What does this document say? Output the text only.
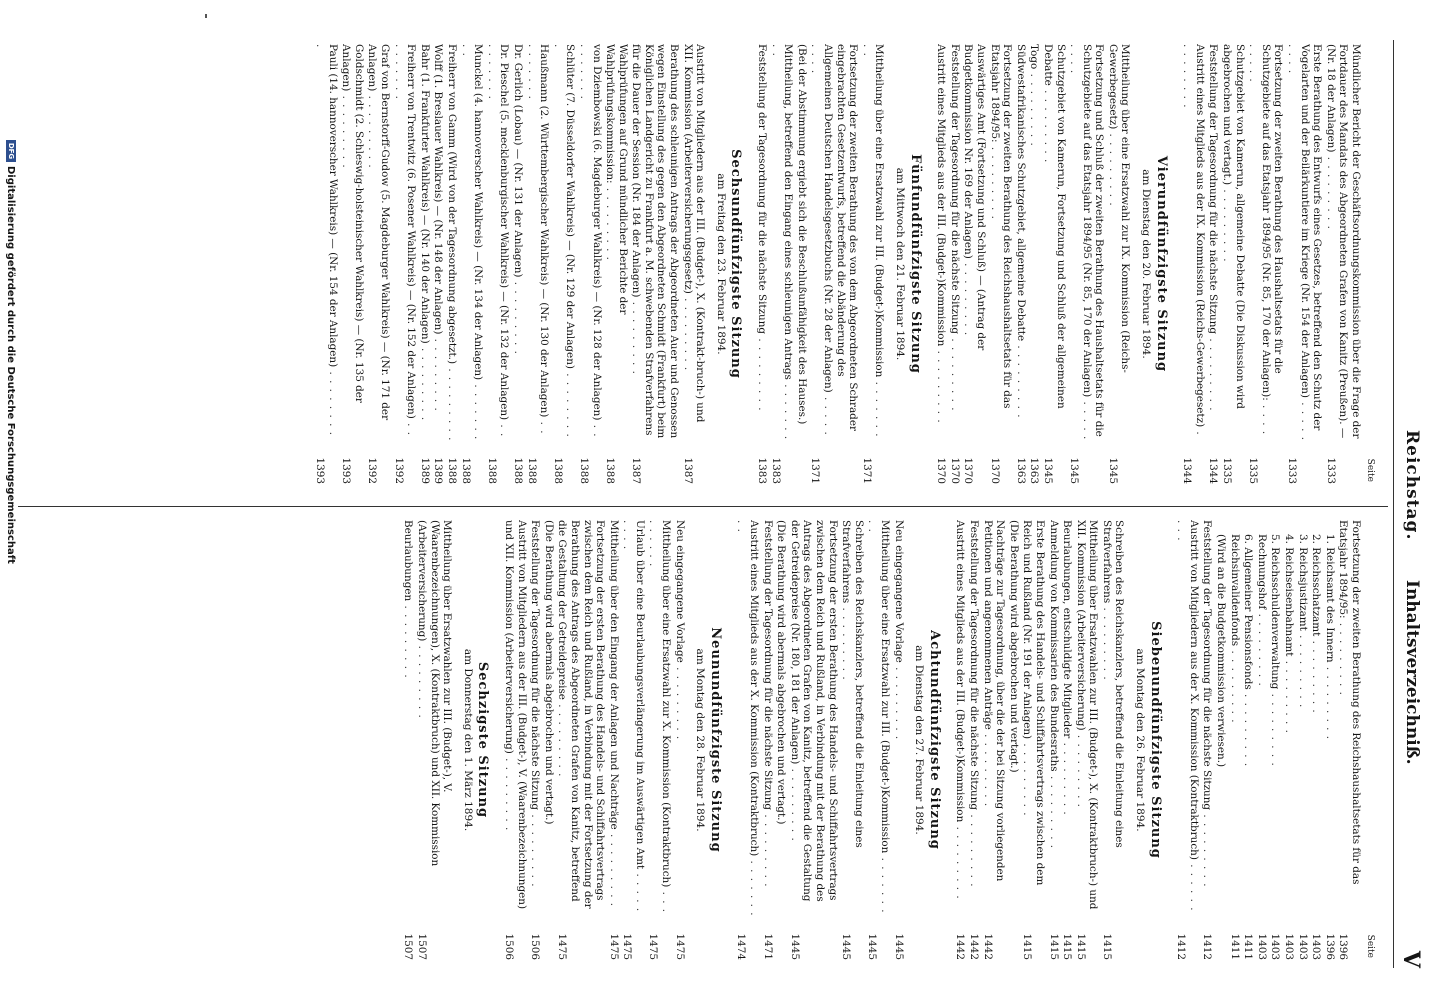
Reichstag.
Inhaltsverzeichniß.
V
Seite
Mündlicher Bericht der Geschäftsordnungskommission über die Frage der Fortdauer des Mandats des Abgeordneten Grafen von Kanitz (Preußen). — (Nr. 18 der Anlagen) . . .
1333
Erste Berathung des Entwurfs eines Gesetzes, betreffend den Schutz der Vogelarten und der Beilärkuntiere im Kriege (Nr. 154 der Anlagen) . . .
1333
Fortsetzung der zweiten Berathung des Haushaltsetats für die Schutzgebiete auf das Etatsjahr 1894/95 (Nr. 85, 170 der Anlagen): . . .
1335
Schutzgebiet von Kamerun, allgemeine Debatte (Die Diskussion wird abgebrochen und vertagt.) . . .
1335
Feststellung der Tagesordnung für die nächste Sitzung . . .
1344
Austritt eines Mitglieds aus der IX. Kommission (Reichs-Gewerbegesetz) . . .
1344
Vierundfünfzigste Sitzung
am Dienstag den 20. Februar 1894.
Mittheilung über eine Ersatzwahl zur IX. Kommission (Reichs-Gewerbegesetz) . . .
1345
Fortsetzung und Schluß der zweiten Berathung des Haushaltsetats für die Schutzgebiete auf das Etatsjahr 1894/95 (Nr. 85, 170 der Anlagen) . . .
1345
Schutzgebiet von Kamerun, Fortsetzung und Schluß der allgemeinen Debatte . . .
1345
Togo . . .
1363
Südwestafrikanisches Schutzgebiet, allgemeine Debatte . . .
1363
Fortsetzung der zweiten Berathung des Reichshaushaltsetats für das Etatsjahr 1894/95: . . .
1370
Auswärtiges Amt (Fortsetzung und Schluß) — (Antrag der Budgetkommission Nr. 169 der Anlagen) . . .
1370
Feststellung der Tagesordnung für die nächste Sitzung . . .
1370
Austritt eines Mitglieds aus der III. (Budget-)Kommission . . .
1370
Fünfundfünfzigste Sitzung
am Mittwoch den 21. Februar 1894.
Mittheilung über eine Ersatzwahl zur III. (Budget-)Kommission . . .
1371
Fortsetzung der zweiten Berathung des von dem Abgeordneten Schrader eingebrachten Gesetzentwurfs, betreffend die Abänderung des Allgemeinen Deutschen Handelsgesetzbuchs (Nr. 28 der Anlagen) . . .
1371
(Bei der Abstimmung ergiebt sich die Beschlußunfähigkeit des Hauses.)
Mittheilung, betreffend den Eingang eines schleunigen Antrags . . .
1383
Feststellung der Tagesordnung für die nächste Sitzung . . .
1383
Sechsundfünfzigste Sitzung
am Freitag den 23. Februar 1894.
Austritt von Mitgliedern aus der III. (Budget-), X. (Kontrakt-bruch-) und XII. Kommission (Arbeiterversicherungsgesetz) . . .
1387
Berathung des schleunigen Antrags der Abgeordneten Auer und Genossen wegen Einstellung des gegen den Abgeordneten Schmidt (Frankfurt) beim Königlichen Landgericht zu Frankfurt a. M. schwebenden Strafverfahrens für die Dauer der Session (Nr. 184 der Anlagen) . . .
1387
Wahlprüfungen auf Grund mündlicher Berichte der Wahlprüfungskommission: . . .
1388
von Dziembowski (6. Magdeburger Wahlkreis) — (Nr. 128 der Anlagen) . . .
1388
Schlüter (7. Düsseldorfer Wahlkreis) — (Nr. 129 der Anlagen) . . .
1388
Haußmann (2. Württembergischer Wahlkreis) — (Nr. 130 der Anlagen) . . .
1388
Dr. Gerlich (Lobau) — (Nr. 131 der Anlagen) . . .
1388
Dr. Pieschel (5. mecklenburgischer Wahlkreis) — (Nr. 132 der Anlagen) . . .
1388
Munckel (4. hannoverscher Wahlkreis) — (Nr. 134 der Anlagen) . . .
1388
Freiherr von Gamm (Wird von der Tagesordnung abgesetzt.) . . .
1388
Wolff (1. Breslauer Wahlkreis) — (Nr. 148 der Anlagen) . . .
1389
Bahr (1. Frankfurter Wahlkreis) — (Nr. 140 der Anlagen) . . .
1389
Freiherr von Trentwitz (6. Posener Wahlkreis) — (Nr. 152 der Anlagen) . . .
1392
Graf von Bernstorff-Gudow (5. Magdeburger Wahlkreis) — (Nr. 171 der Anlagen) . . .
1392
Goldschmidt (2. Schleswig-holsteinischer Wahlkreis) — (Nr. 135 der Anlagen) . . .
1393
Pauli (14. hannoverscher Wahlkreis) — (Nr. 154 der Anlagen) . . .
1393
Seite
Fortsetzung der zweiten Berathung des Reichshaushaltsetats für das Etatsjahr 1894/95: . . .
1396
1. Reichsamt des Innern . . .
1396
2. Reichsschatzamt . . .
1403
3. Reichsjustizamt . . .
1403
4. Reichseisenbahnamt . . .
1403
5. Reichsschuldenverwaltung . . .
1403
Rechnungshof . . .
1403
6. Allgemeiner Pensionsfonds . . .
1411
Reichsinvalidenfonds . . .
1411
(Wird an die Budgetkommission verwiesen.)
Feststellung der Tagesordnung für die nächste Sitzung . . .
1412
Austritt von Mitgliedern aus der X. Kommission (Kontraktbruch) . . .
1412
Siebenundfünfzigste Sitzung
am Montag den 26. Februar 1894.
Schreiben des Reichskanzlers, betreffend die Einleitung eines Strafverfahrens . . .
1415
Mittheilung über Ersatzwahlen zur III. (Budget-), X. (Kontraktbruch-) und XII. Kommission (Arbeiterversicherung) . . .
1415
Beurlaubungen, entschuldigte Mitglieder . . .
1415
Anmeldung von Kommissarien des Bundesraths . . .
1415
Erste Berathung des Handels- und Schiffahrtsvertrags zwischen dem Reich und Rußland (Nr. 191 der Anlagen) . . .
1415
(Die Berathung wird abgebrochen und vertagt.)
Nachträge zur Tagesordnung, über die der bei Sitzung vorliegenden Petitionen und angenommenen Anträge . . .
1442
Feststellung der Tagesordnung für die nächste Sitzung . . .
1442
Austritt eines Mitglieds aus der III. (Budget-)Kommission . . .
1442
Achtundfünfzigste Sitzung
am Dienstag den 27. Februar 1894.
Neu eingegangene Vorlage . . .
1445
Mittheilung über eine Ersatzwahl zur III. (Budget-)Kommission . . .
1445
Schreiben des Reichskanzlers, betreffend die Einleitung eines Strafverfahrens . . .
1445
Fortsetzung der ersten Berathung des Handels- und Schiffahrtsvertrags zwischen dem Reich und Rußland, in Verbindung mit der Berathung des Antrags des Abgeordneten Grafen von Kanitz, betreffend die Gestaltung der Getreidepreise (Nr. 180, 181 der Anlagen) . . .
1445
(Die Berathung wird abermals abgebrochen und vertagt.)
Feststellung der Tagesordnung für die nächste Sitzung . . .
1471
Austritt eines Mitglieds aus der X. Kommission (Kontraktbruch) . . .
1474
Neunundfünfzigste Sitzung
am Montag den 28. Februar 1894.
Neu eingegangene Vorlage . . .
1475
Mittheilung über eine Ersatzwahl zur X. Kommission (Kontraktbruch) . . .
1475
Urlaub über eine Beurlaubungsverlängerung im Auswärtigen Amt . . .
1475
Mittheilung über den Eingang der Anlagen und Nachträge . . .
1475
Fortsetzung der ersten Berathung des Handels- und Schiffahrtsvertrags zwischen dem Reich und Rußland, in Verbindung mit der Fortsetzung der Berathung des Antrags des Abgeordneten Grafen von Kanitz, betreffend die Gestaltung der Getreidepreise . . .
1475
(Die Berathung wird abermals abgebrochen und vertagt.)
Feststellung der Tagesordnung für die nächste Sitzung . . .
1506
Austritt von Mitgliedern aus der III. (Budget-), V. (Waarenbezeichnungen) und XII. Kommission (Arbeiterversicherung) . . .
1506
Sechzigste Sitzung
am Donnerstag den 1. März 1894.
Mittheilung über Ersatzwahlen zur III. (Budget-), V. (Waarenbezeichnungen), X. (Kontraktbruch) und XII. Kommission (Arbeiterversicherung) . . .
1507
Beurlaubungen . . .
1507
DFGDigitalisierung gefördert durch die Deutsche Forschungsgemeinschaft
